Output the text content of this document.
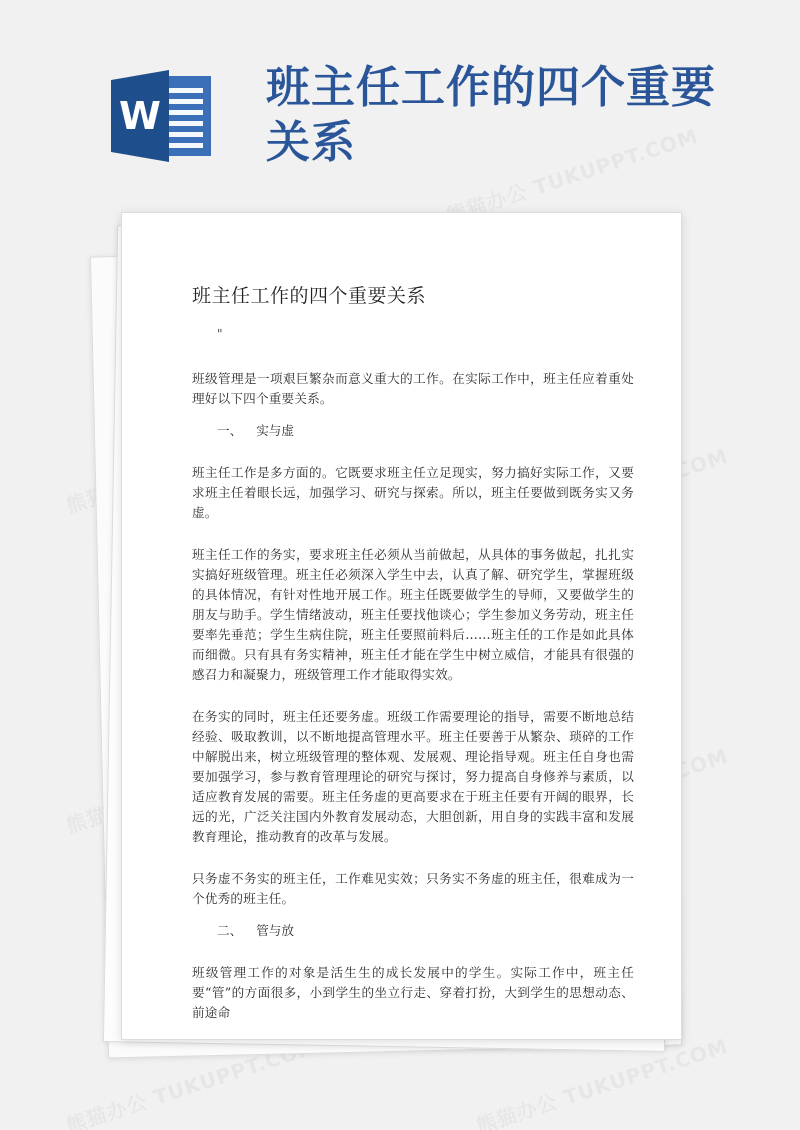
W
班主任工作的四个重要关系
班主任工作的四个重要关系

"

班级管理是一项艰巨繁杂而意义重大的工作。在实际工作中，班主任应着重处理好以下四个重要关系。

一、 实与虚

班主任工作是多方面的。它既要求班主任立足现实，努力搞好实际工作，又要求班主任着眼长远，加强学习、研究与探索。所以，班主任要做到既务实又务虚。

班主任工作的务实，要求班主任必须从当前做起，从具体的事务做起，扎扎实实搞好班级管理。班主任必须深入学生中去，认真了解、研究学生，掌握班级的具体情况，有针对性地开展工作。班主任既要做学生的导师，又要做学生的朋友与助手。学生情绪波动，班主任要找他谈心；学生参加义务劳动，班主任要率先垂范；学生生病住院，班主任要照前料后……班主任的工作是如此具体而细微。只有具有务实精神，班主任才能在学生中树立威信，才能具有很强的感召力和凝聚力，班级管理工作才能取得实效。

在务实的同时，班主任还要务虚。班级工作需要理论的指导，需要不断地总结经验、吸取教训，以不断地提高管理水平。班主任要善于从繁杂、琐碎的工作中解脱出来，树立班级管理的整体观、发展观、理论指导观。班主任自身也需要加强学习，参与教育管理理论的研究与探讨，努力提高自身修养与素质，以适应教育发展的需要。班主任务虚的更高要求在于班主任要有开阔的眼界，长远的光，广泛关注国内外教育发展动态，大胆创新，用自身的实践丰富和发展教育理论，推动教育的改革与发展。

只务虚不务实的班主任，工作难见实效；只务实不务虚的班主任，很难成为一个优秀的班主任。

二、 管与放

班级管理工作的对象是活生生的成长发展中的学生。实际工作中，班主任要“管”的方面很多，小到学生的坐立行走、穿着打扮，大到学生的思想动态、前途命
